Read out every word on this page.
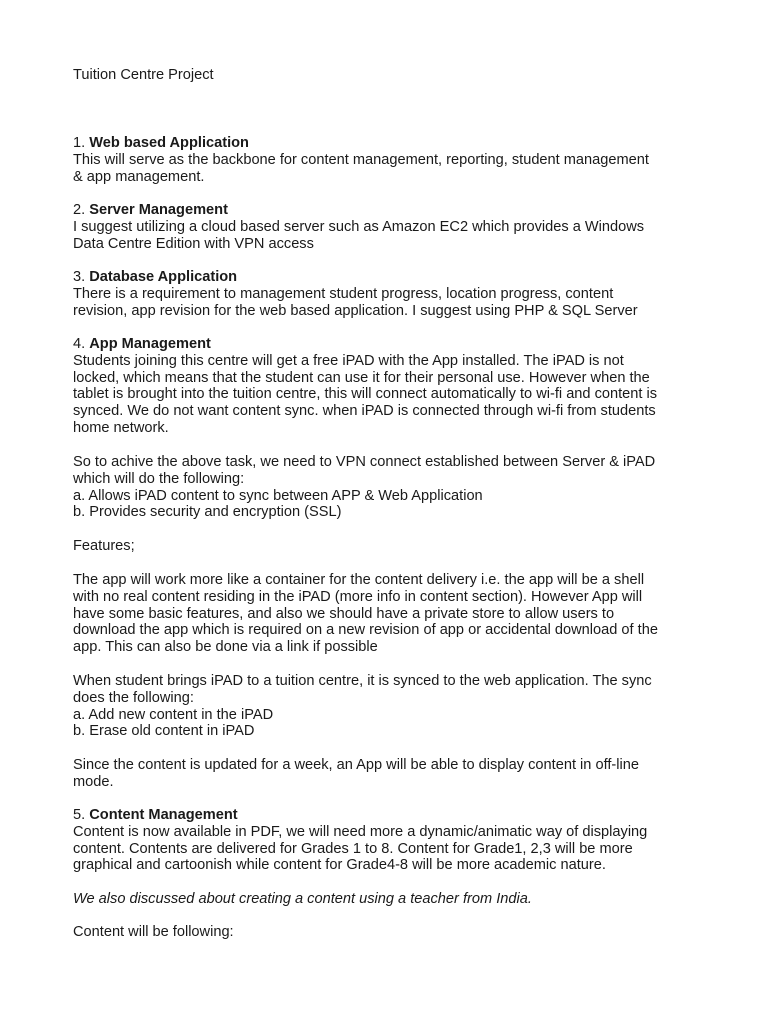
Tuition Centre Project
1. Web based Application
This will serve as the backbone for content management, reporting, student management
& app management.
2. Server Management
I suggest utilizing a cloud based server such as Amazon EC2 which provides a Windows
Data Centre Edition with VPN access
3. Database Application
There is a requirement to management student progress, location progress, content
revision, app revision for the web based application. I suggest using PHP & SQL Server
4. App Management
Students joining this centre will get a free iPAD with the App installed. The iPAD is not
locked, which means that the student can use it for their personal use. However when the
tablet is brought into the tuition centre, this will connect automatically to wi-fi and content is
synced. We do not want content sync. when iPAD is connected through wi-fi from students
home network.
So to achive the above task, we need to VPN connect established between Server & iPAD
which will do the following:
a. Allows iPAD content to sync between APP & Web Application
b. Provides security and encryption (SSL)
Features;
The app will work more like a container for the content delivery i.e. the app will be a shell
with no real content residing in the iPAD (more info in content section). However App will
have some basic features, and also we should have a private store to allow users to
download the app which is required on a new revision of app or accidental download of the
app. This can also be done via a link if possible
When student brings iPAD to a tuition centre, it is synced to the web application. The sync
does the following:
a. Add new content in the iPAD
b. Erase old content in iPAD
Since the content is updated for a week, an App will be able to display content in off-line
mode.
5. Content Management
Content is now available in PDF, we will need more a dynamic/animatic way of displaying
content. Contents are delivered for Grades 1 to 8. Content for Grade1, 2,3 will be more
graphical and cartoonish while content for Grade4-8 will be more academic nature.
We also discussed about creating a content using a teacher from India.
Content will be following:
